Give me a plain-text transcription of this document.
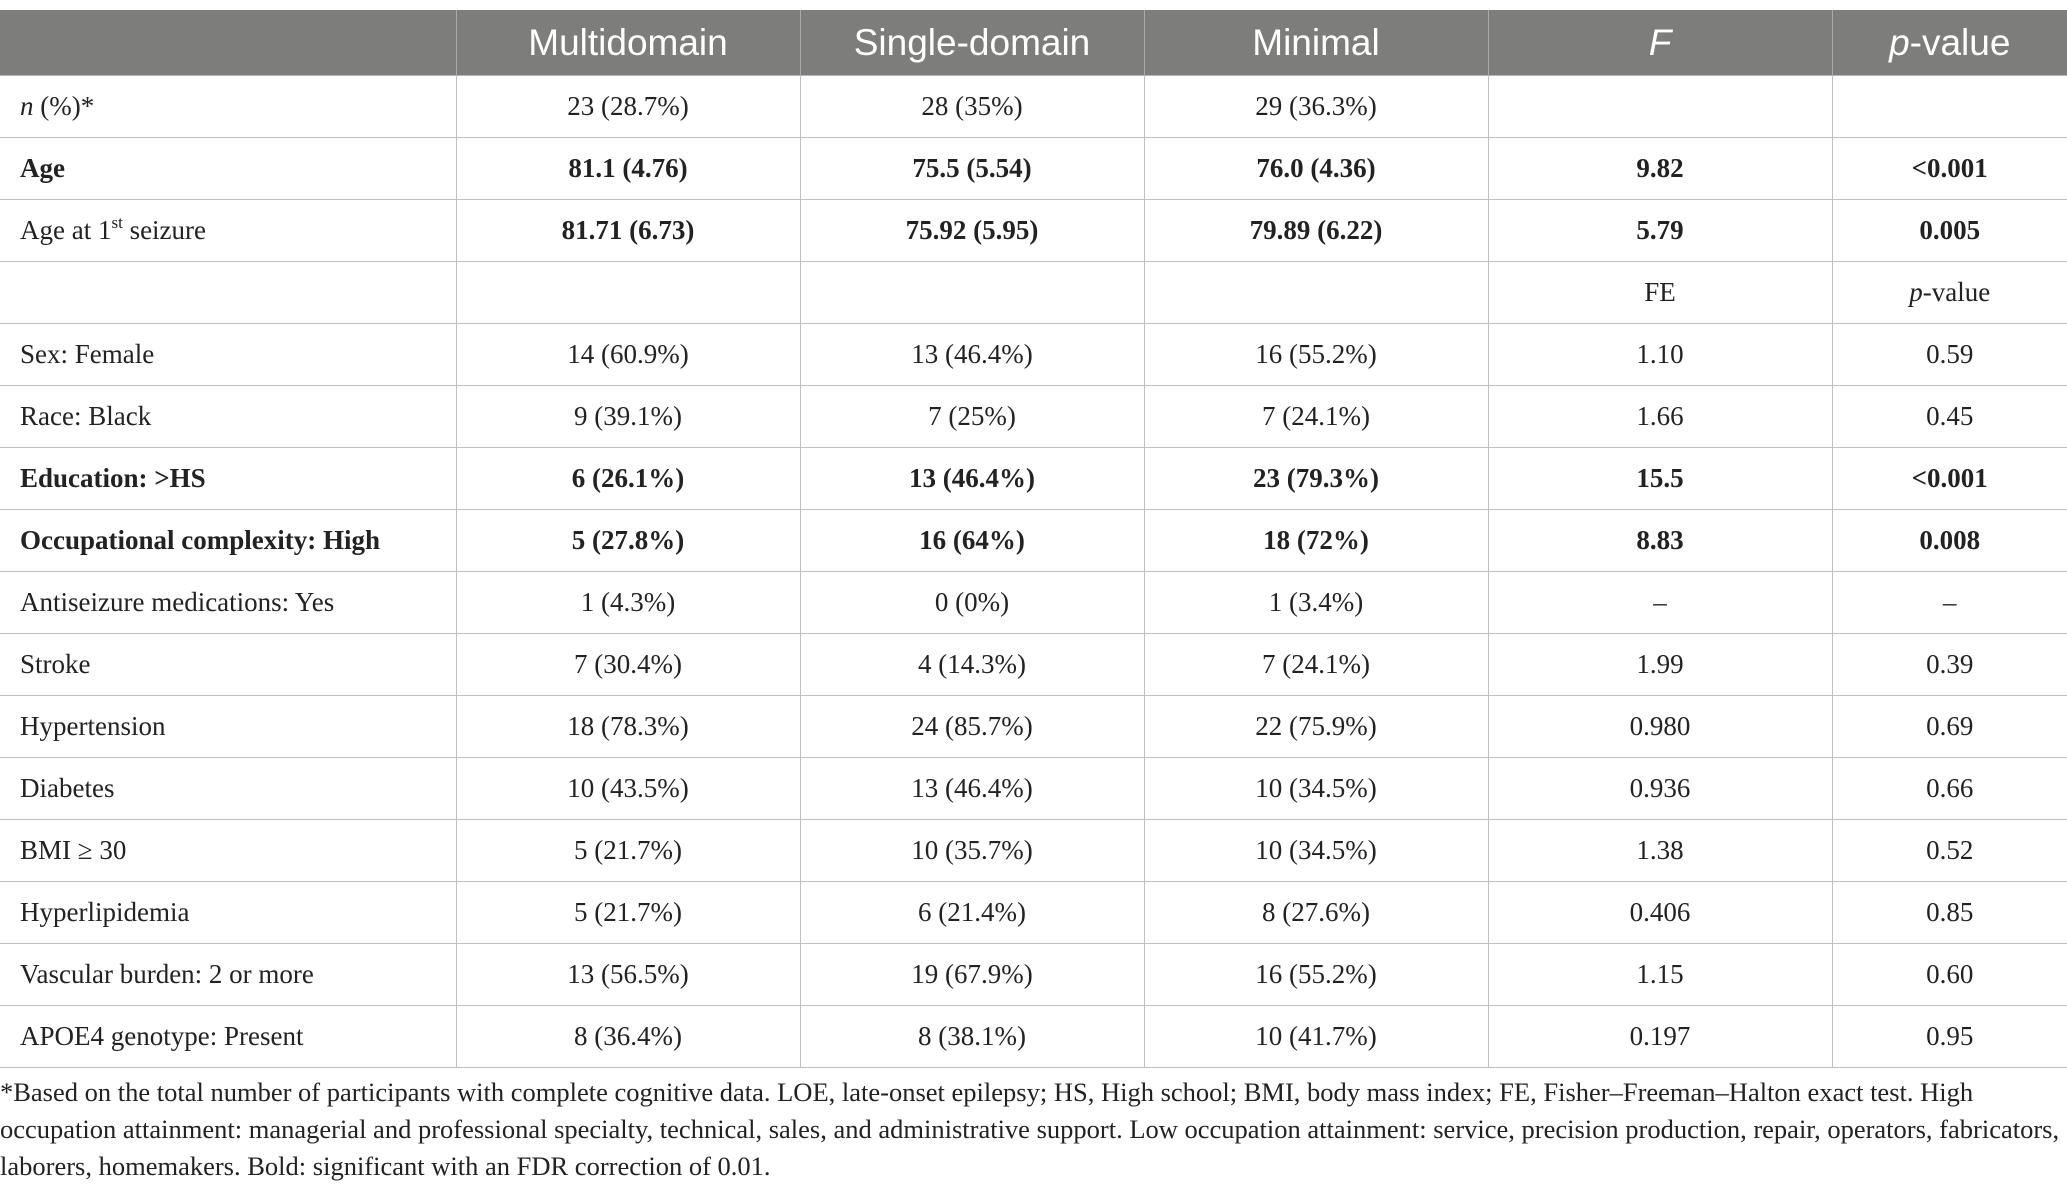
	Multidomain	Single-domain	Minimal	F	p-value
n (%)*	23 (28.7%)	28 (35%)	29 (36.3%)		
Age	81.1 (4.76)	75.5 (5.54)	76.0 (4.36)	9.82	<0.001
Age at 1st seizure	81.71 (6.73)	75.92 (5.95)	79.89 (6.22)	5.79	0.005
				FE	p-value
Sex: Female	14 (60.9%)	13 (46.4%)	16 (55.2%)	1.10	0.59
Race: Black	9 (39.1%)	7 (25%)	7 (24.1%)	1.66	0.45
Education: >HS	6 (26.1%)	13 (46.4%)	23 (79.3%)	15.5	<0.001
Occupational complexity: High	5 (27.8%)	16 (64%)	18 (72%)	8.83	0.008
Antiseizure medications: Yes	1 (4.3%)	0 (0%)	1 (3.4%)	–	–
Stroke	7 (30.4%)	4 (14.3%)	7 (24.1%)	1.99	0.39
Hypertension	18 (78.3%)	24 (85.7%)	22 (75.9%)	0.980	0.69
Diabetes	10 (43.5%)	13 (46.4%)	10 (34.5%)	0.936	0.66
BMI ≥ 30	5 (21.7%)	10 (35.7%)	10 (34.5%)	1.38	0.52
Hyperlipidemia	5 (21.7%)	6 (21.4%)	8 (27.6%)	0.406	0.85
Vascular burden: 2 or more	13 (56.5%)	19 (67.9%)	16 (55.2%)	1.15	0.60
APOE4 genotype: Present	8 (36.4%)	8 (38.1%)	10 (41.7%)	0.197	0.95
*Based on the total number of participants with complete cognitive data. LOE, late-onset epilepsy; HS, High school; BMI, body mass index; FE, Fisher–Freeman–Halton exact test. High occupation attainment: managerial and professional specialty, technical, sales, and administrative support. Low occupation attainment: service, precision production, repair, operators, fabricators, laborers, homemakers. Bold: significant with an FDR correction of 0.01.
